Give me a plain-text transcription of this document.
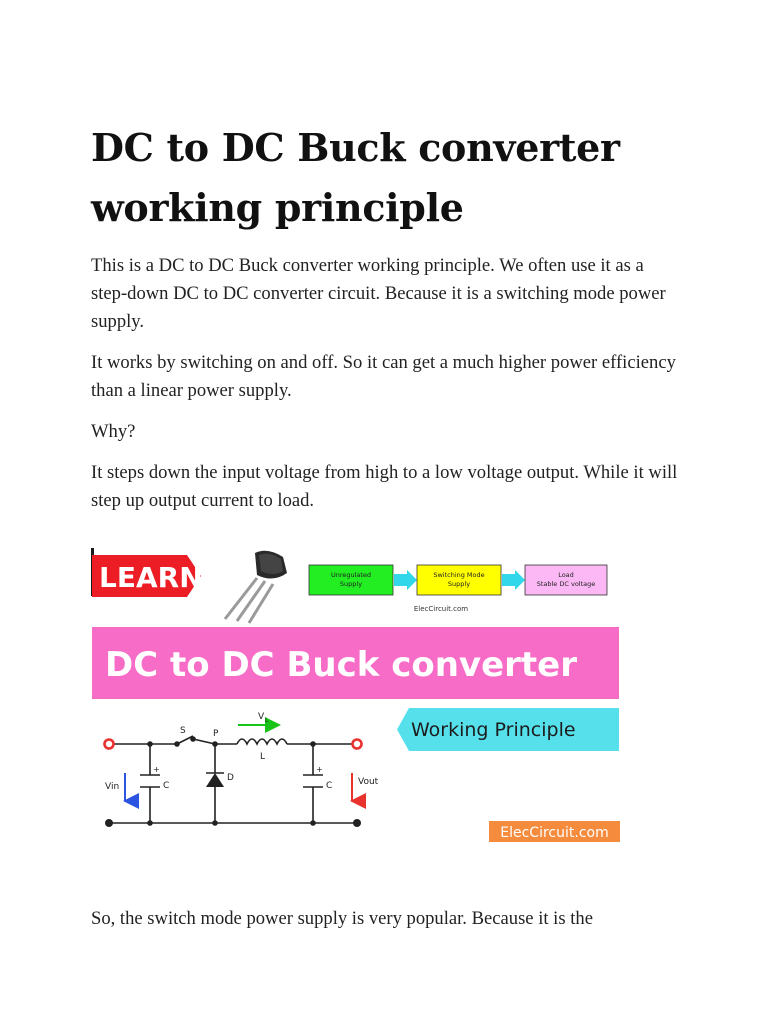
DC to DC Buck converter
working principle

This is a DC to DC Buck converter working principle. We often use it as a step-down DC to DC converter circuit. Because it is a switching mode power supply.

It works by switching on and off. So it can get a much higher power efficiency than a linear power supply.

Why?

It steps down the input voltage from high to a low voltage output. While it will step up output current to load.

LEARN	Unregulated
Supply
Switching Mode
Supply
Load
Stable DC voltage
ElecCircuit.com
DC to DC Buck converter
Working Principle
S	P
V L
L
D
C	C
Vin	Vout
+	+
ElecCircuit.com

So, the switch mode power supply is very popular. Because it is the
